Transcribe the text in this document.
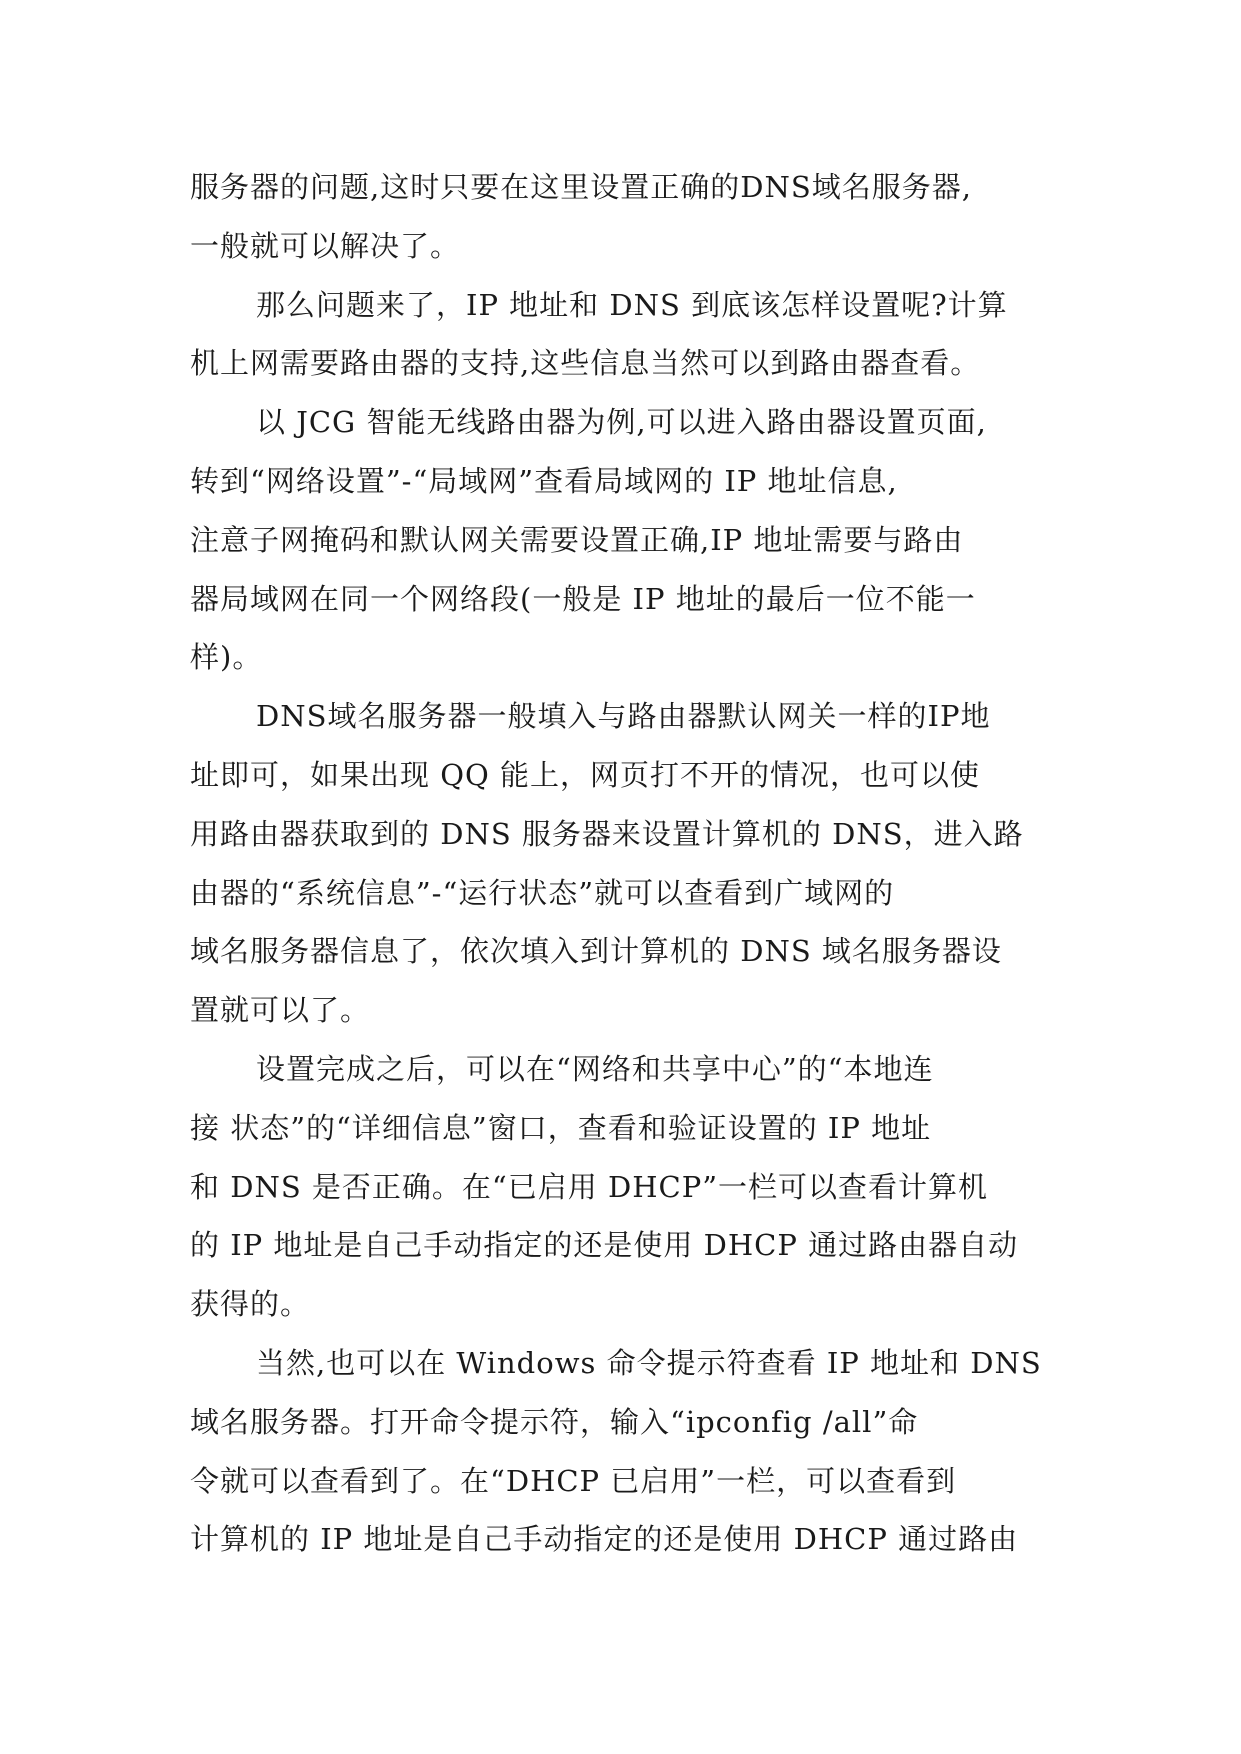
服务器的问题,这时只要在这里设置正确的DNS域名服务器,
一般就可以解决了。
那么问题来了，IP 地址和 DNS 到底该怎样设置呢?计算
机上网需要路由器的支持,这些信息当然可以到路由器查看。
以 JCG 智能无线路由器为例,可以进入路由器设置页面,
转到“网络设置”-“局域网”查看局域网的 IP 地址信息,
注意子网掩码和默认网关需要设置正确,IP 地址需要与路由
器局域网在同一个网络段(一般是 IP 地址的最后一位不能一
样)。
DNS域名服务器一般填入与路由器默认网关一样的IP地
址即可，如果出现 QQ 能上，网页打不开的情况，也可以使
用路由器获取到的 DNS 服务器来设置计算机的 DNS，进入路
由器的“系统信息”-“运行状态”就可以查看到广域网的
域名服务器信息了，依次填入到计算机的 DNS 域名服务器设
置就可以了。
设置完成之后，可以在“网络和共享中心”的“本地连
接 状态”的“详细信息”窗口，查看和验证设置的 IP 地址
和 DNS 是否正确。在“已启用 DHCP”一栏可以查看计算机
的 IP 地址是自己手动指定的还是使用 DHCP 通过路由器自动
获得的。
当然,也可以在 Windows 命令提示符查看 IP 地址和 DNS
域名服务器。打开命令提示符，输入“ipconfig /all”命
令就可以查看到了。在“DHCP 已启用”一栏，可以查看到
计算机的 IP 地址是自己手动指定的还是使用 DHCP 通过路由
